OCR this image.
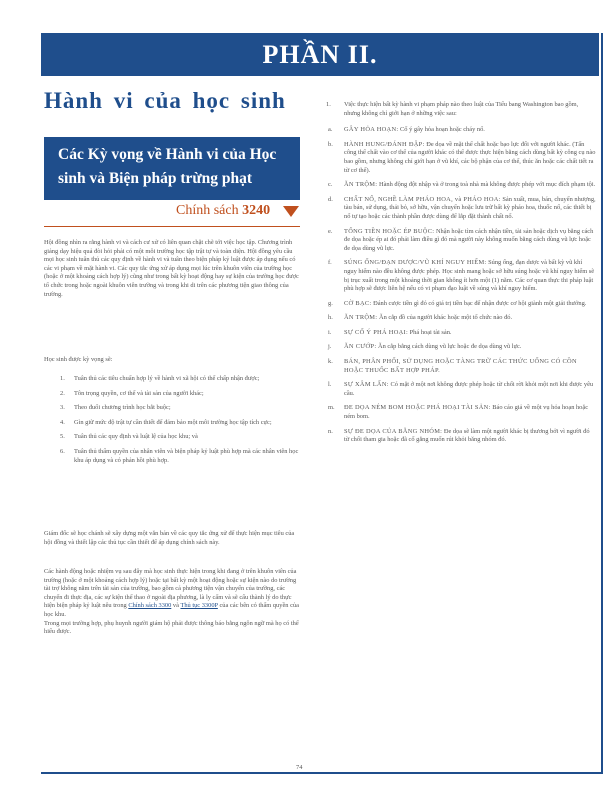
PHẦN II.
Hành vi của học sinh
Các Kỳ vọng về Hành vi của Học
sinh và Biện pháp trừng phạt
Chính sách 3240

Hội đồng nhìn ra rằng hành vi và cách cư xử có liên quan chặt chẽ tới việc học tập. Chương trình giảng dạy hiệu quả đòi hỏi phải có một môi trường học tập trật tự và toàn diện. Hội đồng yêu cầu mọi học sinh tuân thủ các quy định về hành vi và tuân theo biện pháp kỷ luật được áp dụng nếu có các vi phạm về mặt hành vi. Các quy tắc ứng xử áp dụng mọi lúc trên khuôn viên của trường học (hoặc ở một khoảng cách hợp lý) cũng như trong bất kỳ hoạt động hay sự kiện của trường học được tổ chức trong hoặc ngoài khuôn viên trường và trong khi di trên các phương tiện giao thông của trường.

Học sinh được kỳ vọng sẽ:

1. Tuân thủ các tiêu chuẩn hợp lý về hành vi xã hội có thể chấp nhận được;
2. Tôn trọng quyền, cơ thể và tài sản của người khác;
3. Theo đuổi chương trình học bắt buộc;
4. Gìn giữ mức độ trật tự cần thiết để đảm bảo một môi trường học tập tích cực;
5. Tuân thủ các quy định và luật lệ của học khu; và
6. Tuân thủ thẩm quyền của nhân viên và biện pháp kỷ luật phù hợp mà các nhân viên học khu áp dụng và có phản hồi phù hợp.

Giám đốc sẽ học chánh sẽ xây dựng một văn bản về các quy tắc ứng xử để thực hiện mục tiêu của hội đồng và thiết lập các thủ tục cần thiết để áp dụng chính sách này.

Các hành động hoặc nhiệm vụ sau đây mà học sinh thực hiện trong khi đang ở trên khuôn viên của trường (hoặc ở một khoảng cách hợp lý) hoặc tại bất kỳ một hoạt động hoặc sự kiện nào do trường tài trợ không nằm trên tài sản của trường, bao gồm cả phương tiện vận chuyển của trường, các chuyến đi thực địa, các sự kiện thể thao ở ngoài địa phương, là ly cấm và sẽ cấu thành lý do thực hiện biện pháp kỷ luật nêu trong Chính sách 3300 và Thủ tục 3300P của các bên có thẩm quyền của học khu.

Trong mọi trường hợp, phụ huynh người giám hộ phải được thông báo bằng ngôn ngữ mà họ có thể hiểu được.

1. Việc thực hiện bất kỳ hành vi phạm pháp nào theo luật của Tiểu bang Washington bao gồm, nhưng không chỉ giới hạn ở những việc sau:
a. GÂY HỎA HOẠN: Cố ý gây hỏa hoạn hoặc cháy nổ.
b. HÀNH HUNG/ĐÁNH ĐẬP: Đe dọa về mặt thể chất hoặc bạo lực đối với người khác. (Tấn công thể chất vào cơ thể của người khác có thể được thực hiện bằng cách dùng bất kỳ công cụ nào bao gồm, nhưng không chỉ giới hạn ở vũ khí, các bộ phận của cơ thể, thúc ăn hoặc các chất tiết ra từ cơ thể).
c. ĂN TRỘM: Hành động đột nhập và ở trong toà nhà mà không được phép với mục đích phạm tội.
d. CHẤT NỔ, NGHỀ LÀM PHÁO HOA, và PHÁO HOA: Sản xuất, mua, bán, chuyển nhượng, tàu bán, sử dụng, thải bỏ, sở hữu, vận chuyển hoặc lưu trữ bất kỳ pháo hoa, thuốc nổ, các thiết bị nổ tự tạo hoặc các thành phần được dùng để lắp đặt thành chất nổ.
e. TỐNG TIỀN HOẶC ÉP BUỘC: Nhận hoặc tìm cách nhận tiền, tài sản hoặc dịch vụ bằng cách đe dọa hoặc ép ai đó phải làm điều gì đó mà người này không muốn bằng cách dùng vũ lực hoặc đe dọa dùng vũ lực.
f. SÚNG ỐNG/ĐẠN DƯỢC/VŨ KHÍ NGUY HIỂM: Súng ống, đạn dược và bất kỳ vũ khí nguy hiểm nào đều không được phép. Học sinh mang hoặc sở hữu súng hoặc vũ khí nguy hiểm sẽ bị trục xuất trong một khoảng thời gian không ít hơn một (1) năm. Các cơ quan thực thi pháp luật phù hợp sẽ được liên hệ nếu có vi phạm đạo luật về súng và khí nguy hiểm.
g. CỜ BẠC: Đánh cược tiền gì đó có giá trị tiền bạc để nhận được cơ hội giành một giải thưởng.
h. ĂN TRỘM: Ăn cắp đồ của người khác hoặc một tổ chức nào đó.
i. SỰ CỐ Ý PHÁ HOẠI: Phá hoại tài sản.
j. ĂN CƯỚP: Ăn cắp bằng cách dùng vũ lực hoặc đe dọa dùng vũ lực.
k. BÁN, PHÂN PHỐI, SỬ DỤNG HOẶC TÀNG TRỮ CÁC THỨC UỐNG CÓ CỒN HOẶC THUỐC BẤT HỢP PHÁP.
l. SỰ XÂM LẤN: Có mặt ở một nơi không được phép hoặc từ chối rời khỏi một nơi khi được yêu cầu.
m. ĐE DỌA NÉM BOM HOẶC PHÁ HOẠI TÀI SẢN: Báo cáo giả về một vụ hỏa hoạn hoặc ném bom.
n. SỰ ĐE DỌA CỦA BĂNG NHÓM: Đe dọa sẽ làm một người khác bị thương bởi vì người đó từ chối tham gia hoặc đã cố gắng muốn rút khỏi băng nhóm đó.
74
